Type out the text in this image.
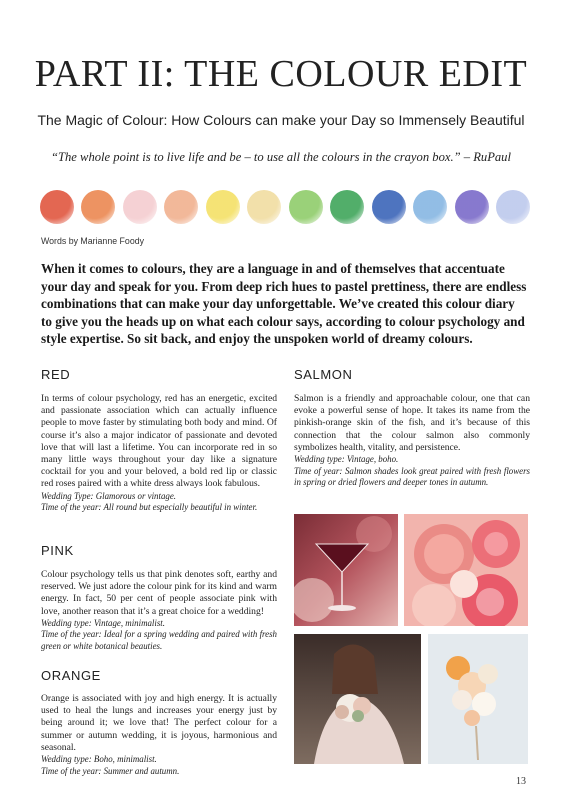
PART II: THE COLOUR EDIT
The Magic of Colour: How Colours can make your Day so Immensely Beautiful
“The whole point is to live life and be – to use all the colours in the crayon box.” – RuPaul
Words by Marianne Foody
When it comes to colours, they are a language in and of themselves that accentuate your day and speak for you. From deep rich hues to pastel prettiness, there are endless combinations that can make your day unforgettable. We’ve created this colour diary to give you the heads up on what each colour says, according to colour psychology and style expertise. So sit back, and enjoy the unspoken world of dreamy colours.
RED
In terms of colour psychology, red has an energetic, excited and passionate association which can actually influence people to move faster by stimulating both body and mind. Of course it’s also a major indicator of passionate and devoted love that will last a lifetime. You can incorporate red in so many little ways throughout your day like a signature cocktail for you and your beloved, a bold red lip or classic red roses paired with a white dress always look fabulous.
Wedding Type: Glamorous or vintage.
Time of the year: All round but especially beautiful in winter.
PINK
Colour psychology tells us that pink denotes soft, earthy and reserved. We just adore the colour pink for its kind and warm energy. In fact, 50 per cent of people associate pink with love, another reason that it’s a great choice for a wedding!
Wedding type: Vintage, minimalist.
Time of the year: Ideal for a spring wedding and paired with fresh green or white botanical beauties.
ORANGE
Orange is associated with joy and high energy. It is actually used to heal the lungs and increases your energy just by being around it; we love that! The perfect colour for a summer or autumn wedding, it is joyous, harmonious and seasonal.
Wedding type: Boho, minimalist.
Time of the year: Summer and autumn.
SALMON
Salmon is a friendly and approachable colour, one that can evoke a powerful sense of hope. It takes its name from the pinkish-orange skin of the fish, and it’s because of this connection that the colour salmon also commonly symbolizes health, vitality, and persistence.
Wedding type: Vintage, boho.
Time of year: Salmon shades look great paired with fresh flowers in spring or dried flowers and deeper tones in autumn.
13
